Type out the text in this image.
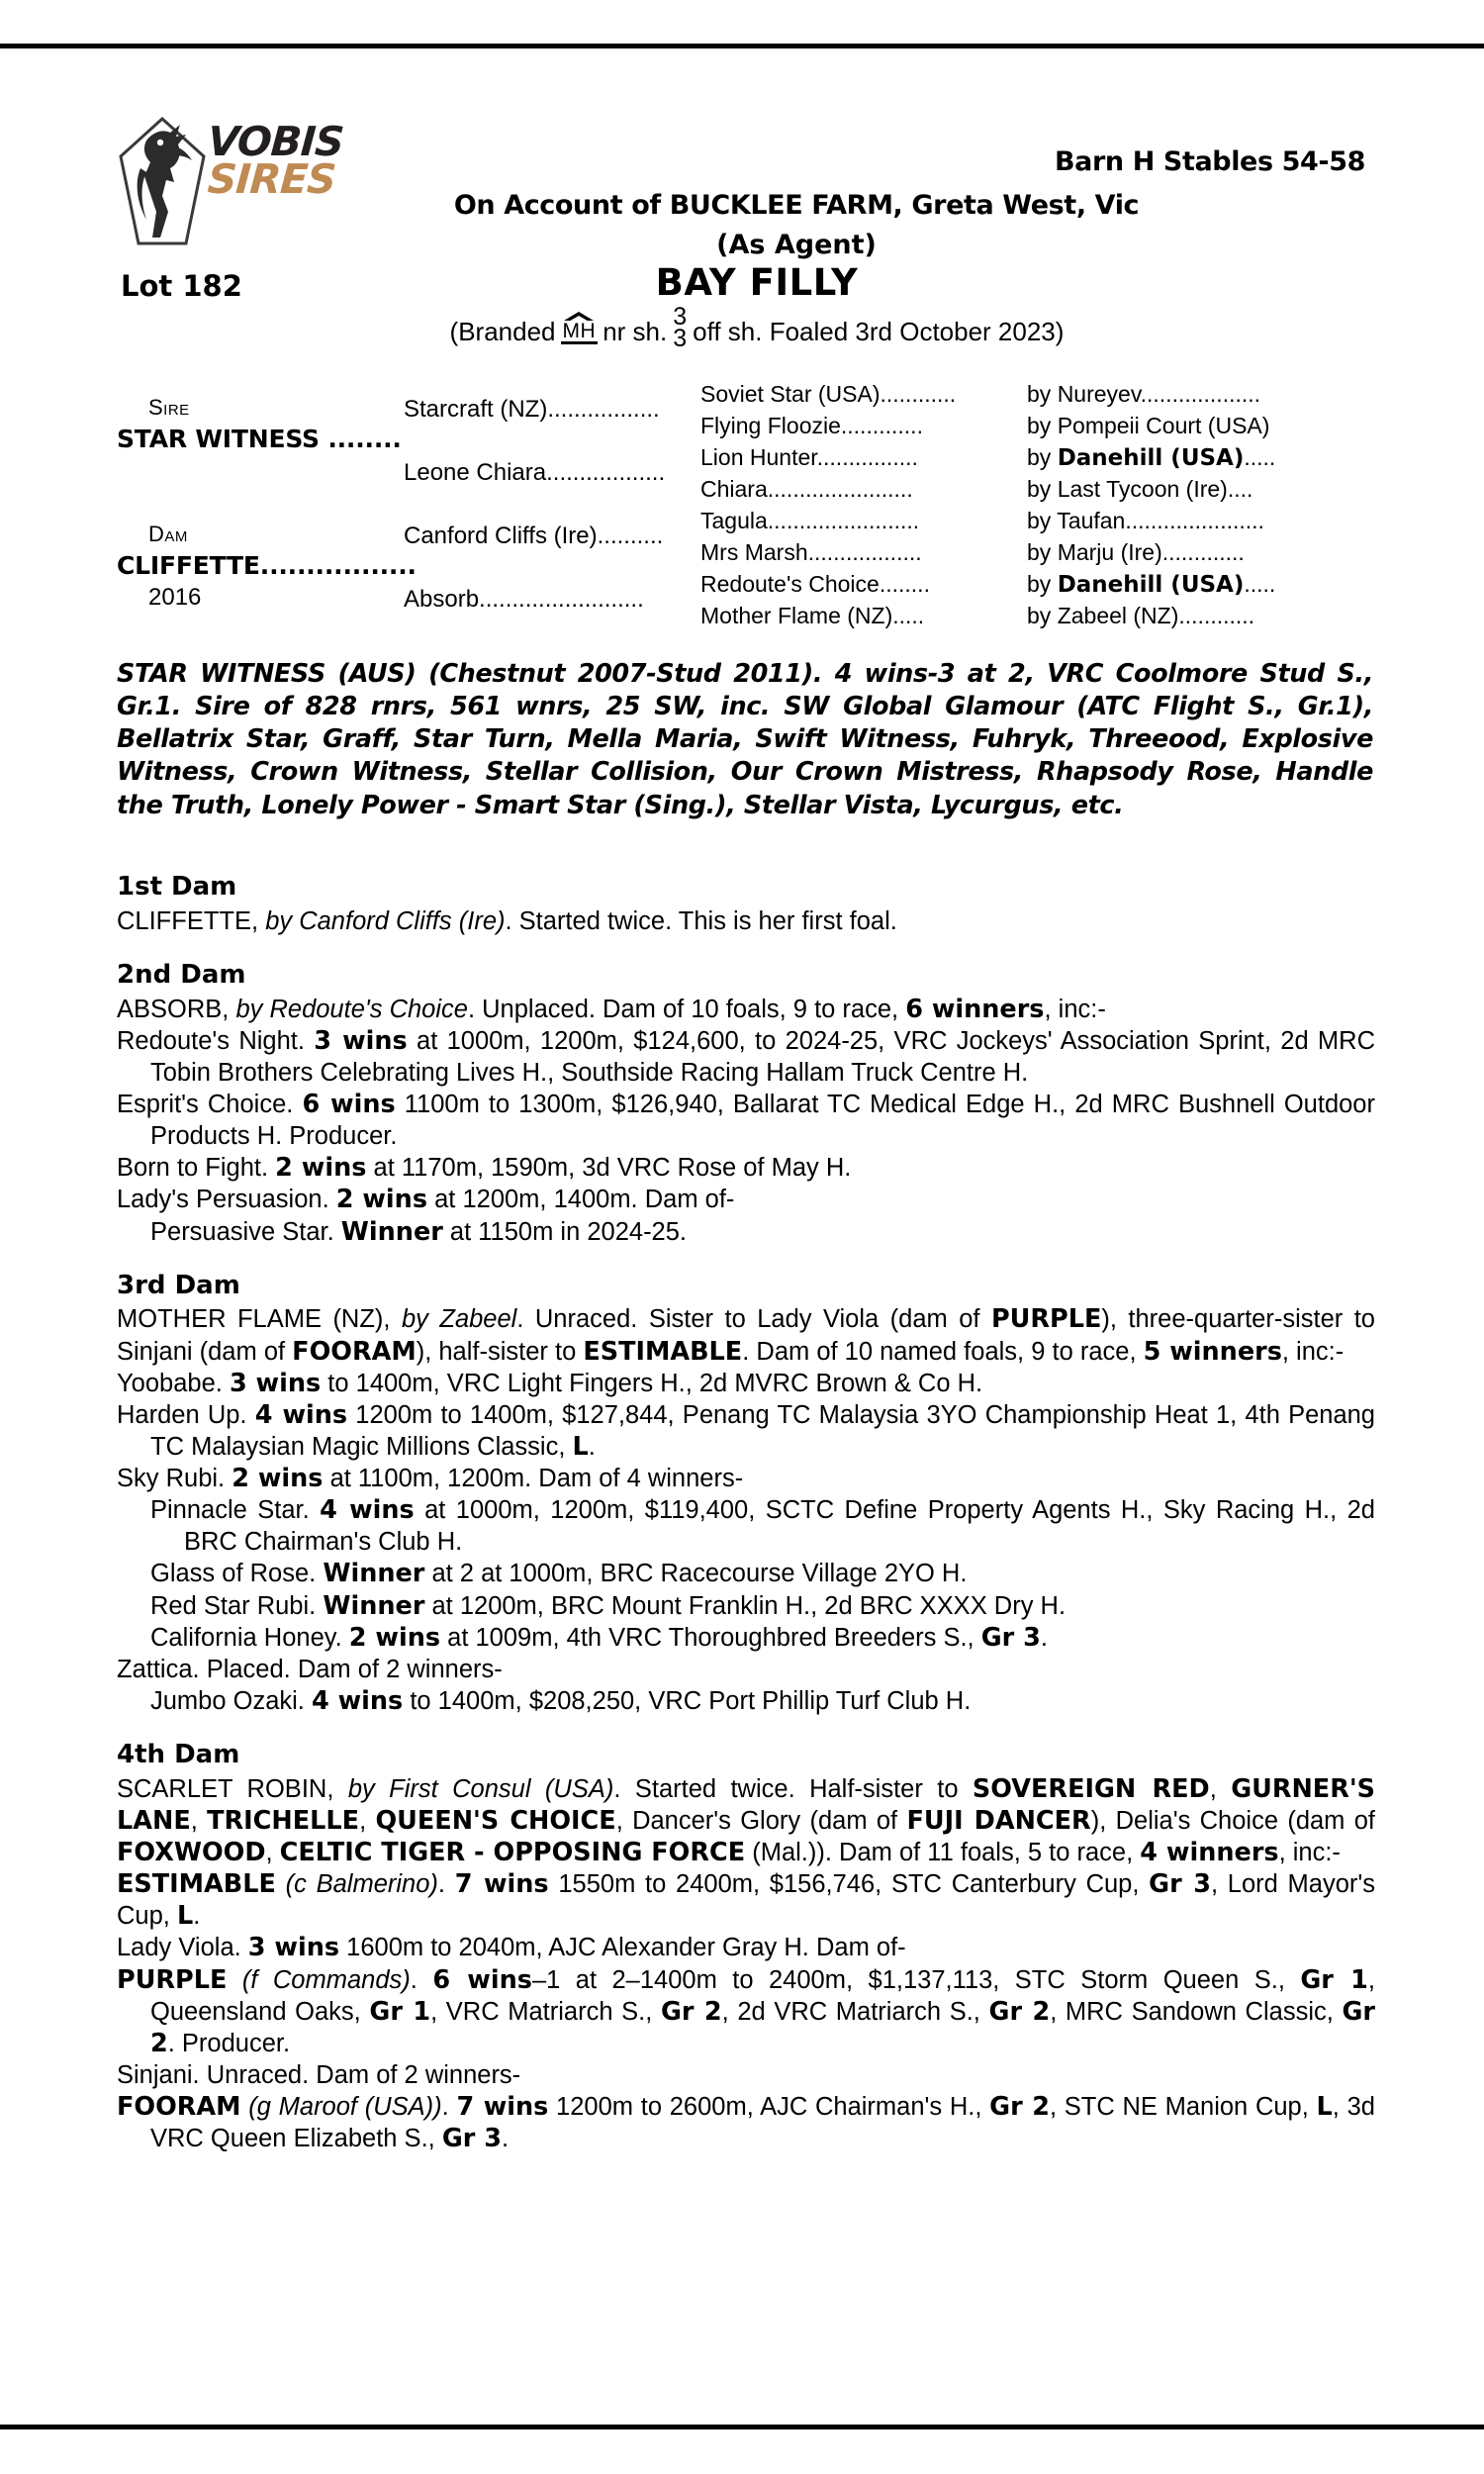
VOBIS
SIRES	Barn H Stables 54-58
On Account of BUCKLEE FARM, Greta West, Vic
(As Agent)
Lot 182	BAY FILLY
(Branded MH nr sh. 3
3 off sh. Foaled 3rd October 2023)
Sire
STAR WITNESS ........
Dam
CLIFFETTE.................
2016
Starcraft (NZ).................
Leone Chiara..................
Canford Cliffs (Ire)..........
Absorb.........................
Soviet Star (USA)............
Flying Floozie.............
Lion Hunter................
Chiara.......................
Tagula........................
Mrs Marsh..................
Redoute's Choice........
Mother Flame (NZ).....
by Nureyev...................
by Pompeii Court (USA)
by Danehill (USA).....
by Last Tycoon (Ire)....
by Taufan......................
by Marju (Ire).............
by Danehill (USA).....
by Zabeel (NZ)............
STAR WITNESS (AUS) (Chestnut 2007-Stud 2011). 4 wins-3 at 2, VRC Coolmore Stud S., Gr.1. Sire of 828 rnrs, 561 wnrs, 25 SW, inc. SW Global Glamour (ATC Flight S., Gr.1), Bellatrix Star, Graff, Star Turn, Mella Maria, Swift Witness, Fuhryk, Threeood, Explosive Witness, Crown Witness, Stellar Collision, Our Crown Mistress, Rhapsody Rose, Handle the Truth, Lonely Power - Smart Star (Sing.), Stellar Vista, Lycurgus, etc.
1st Dam
CLIFFETTE, by Canford Cliffs (Ire). Started twice. This is her first foal.
2nd Dam
ABSORB, by Redoute's Choice. Unplaced. Dam of 10 foals, 9 to race, 6 winners, inc:-
Redoute's Night. 3 wins at 1000m, 1200m, $124,600, to 2024-25, VRC Jockeys' Association Sprint, 2d MRC Tobin Brothers Celebrating Lives H., Southside Racing Hallam Truck Centre H.
Esprit's Choice. 6 wins 1100m to 1300m, $126,940, Ballarat TC Medical Edge H., 2d MRC Bushnell Outdoor Products H. Producer.
Born to Fight. 2 wins at 1170m, 1590m, 3d VRC Rose of May H.
Lady's Persuasion. 2 wins at 1200m, 1400m. Dam of-
Persuasive Star. Winner at 1150m in 2024-25.
3rd Dam
MOTHER FLAME (NZ), by Zabeel. Unraced. Sister to Lady Viola (dam of PURPLE), three-quarter-sister to Sinjani (dam of FOORAM), half-sister to ESTIMABLE. Dam of 10 named foals, 9 to race, 5 winners, inc:-
Yoobabe. 3 wins to 1400m, VRC Light Fingers H., 2d MVRC Brown & Co H.
Harden Up. 4 wins 1200m to 1400m, $127,844, Penang TC Malaysia 3YO Championship Heat 1, 4th Penang TC Malaysian Magic Millions Classic, L.
Sky Rubi. 2 wins at 1100m, 1200m. Dam of 4 winners-
Pinnacle Star. 4 wins at 1000m, 1200m, $119,400, SCTC Define Property Agents H., Sky Racing H., 2d BRC Chairman's Club H.
Glass of Rose. Winner at 2 at 1000m, BRC Racecourse Village 2YO H.
Red Star Rubi. Winner at 1200m, BRC Mount Franklin H., 2d BRC XXXX Dry H.
California Honey. 2 wins at 1009m, 4th VRC Thoroughbred Breeders S., Gr 3.
Zattica. Placed. Dam of 2 winners-
Jumbo Ozaki. 4 wins to 1400m, $208,250, VRC Port Phillip Turf Club H.
4th Dam
SCARLET ROBIN, by First Consul (USA). Started twice. Half-sister to SOVEREIGN RED, GURNER'S LANE, TRICHELLE, QUEEN'S CHOICE, Dancer's Glory (dam of FUJI DANCER), Delia's Choice (dam of FOXWOOD, CELTIC TIGER - OPPOSING FORCE (Mal.)). Dam of 11 foals, 5 to race, 4 winners, inc:-
ESTIMABLE (c Balmerino). 7 wins 1550m to 2400m, $156,746, STC Canterbury Cup, Gr 3, Lord Mayor's Cup, L.
Lady Viola. 3 wins 1600m to 2040m, AJC Alexander Gray H. Dam of-
PURPLE (f Commands). 6 wins–1 at 2–1400m to 2400m, $1,137,113, STC Storm Queen S., Gr 1, Queensland Oaks, Gr 1, VRC Matriarch S., Gr 2, 2d VRC Matriarch S., Gr 2, MRC Sandown Classic, Gr 2. Producer.
Sinjani. Unraced. Dam of 2 winners-
FOORAM (g Maroof (USA)). 7 wins 1200m to 2600m, AJC Chairman's H., Gr 2, STC NE Manion Cup, L, 3d VRC Queen Elizabeth S., Gr 3.
